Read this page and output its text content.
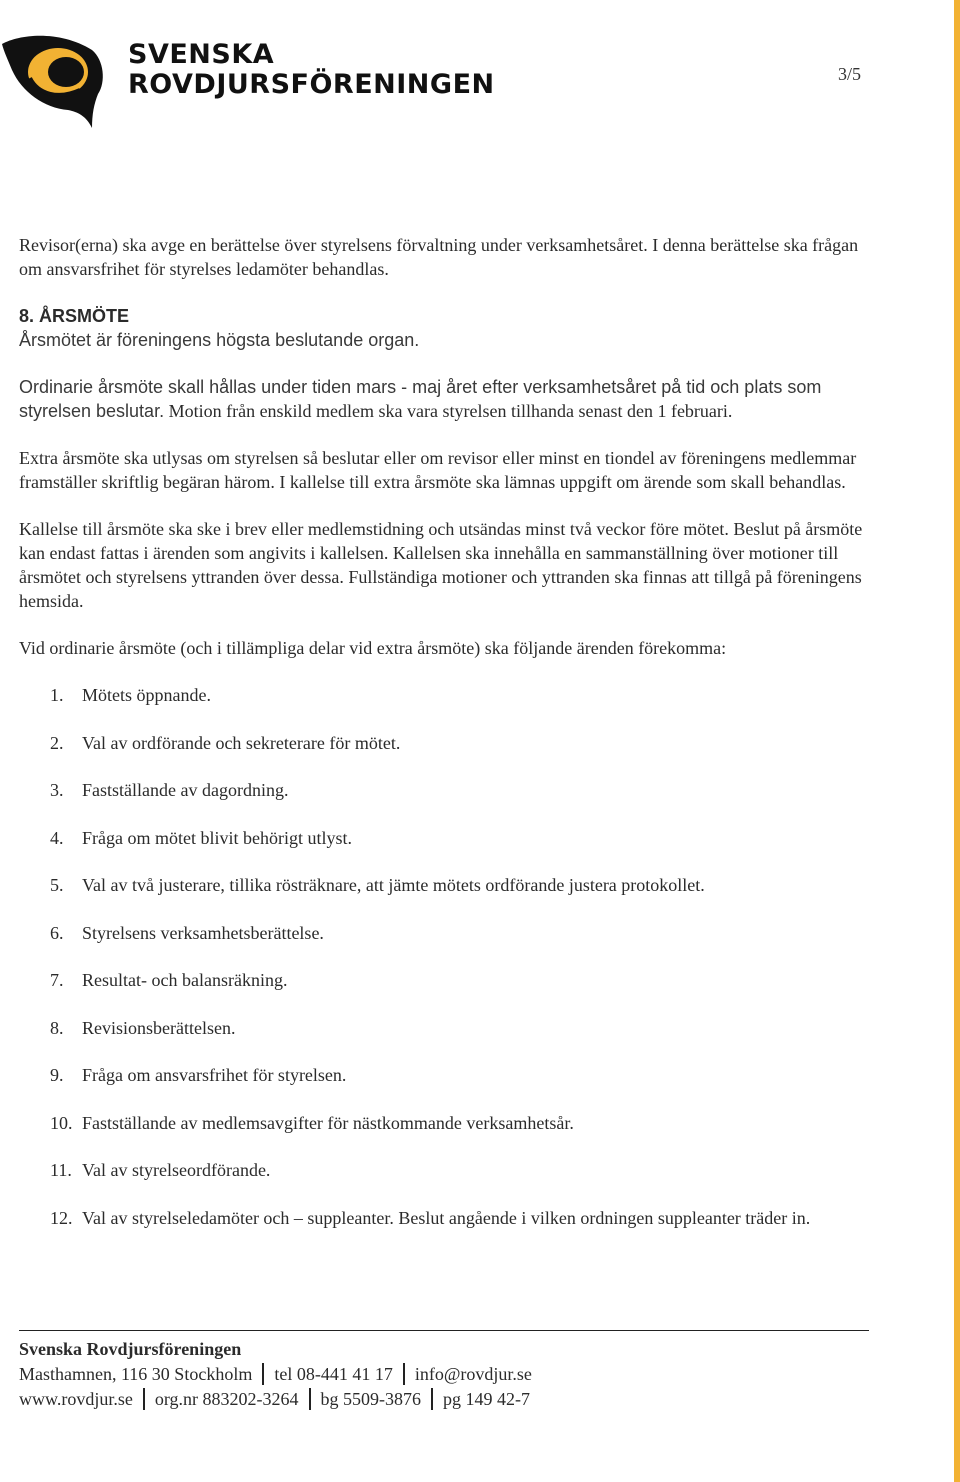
SVENSKA
ROVDJURSFÖRENINGEN	3/5

Revisor(erna) ska avge en berättelse över styrelsens förvaltning under verksamhetsåret. I denna berättelse ska frågan om ansvarsfrihet för styrelses ledamöter behandlas.

8. ÅRSMÖTE

Årsmötet är föreningens högsta beslutande organ.

Ordinarie årsmöte skall hållas under tiden mars - maj året efter verksamhetsåret på tid och plats som styrelsen beslutar. Motion från enskild medlem ska vara styrelsen tillhanda senast den 1 februari.

Extra årsmöte ska utlysas om styrelsen så beslutar eller om revisor eller minst en tiondel av föreningens medlemmar framställer skriftlig begäran härom. I kallelse till extra årsmöte ska lämnas uppgift om ärende som skall behandlas.

Kallelse till årsmöte ska ske i brev eller medlemstidning och utsändas minst två veckor före mötet. Beslut på årsmöte kan endast fattas i ärenden som angivits i kallelsen. Kallelsen ska innehålla en sammanställning över motioner till årsmötet och styrelsens yttranden över dessa. Fullständiga motioner och yttranden ska finnas att tillgå på föreningens hemsida.

Vid ordinarie årsmöte (och i tillämpliga delar vid extra årsmöte) ska följande ärenden förekomma:

1. Mötets öppnande.
2. Val av ordförande och sekreterare för mötet.
3. Fastställande av dagordning.
4. Fråga om mötet blivit behörigt utlyst.
5. Val av två justerare, tillika rösträknare, att jämte mötets ordförande justera protokollet.
6. Styrelsens verksamhetsberättelse.
7. Resultat- och balansräkning.
8. Revisionsberättelsen.
9. Fråga om ansvarsfrihet för styrelsen.
10. Fastställande av medlemsavgifter för nästkommande verksamhetsår.
11. Val av styrelseordförande.
12. Val av styrelseledamöter och – suppleanter. Beslut angående i vilken ordningen suppleanter träder in.
Svenska Rovdjursföreningen
Masthamnen, 116 30 Stockholm tel 08-441 41 17 info@rovdjur.se
www.rovdjur.se org.nr 883202-3264 bg 5509-3876 pg 149 42-7
